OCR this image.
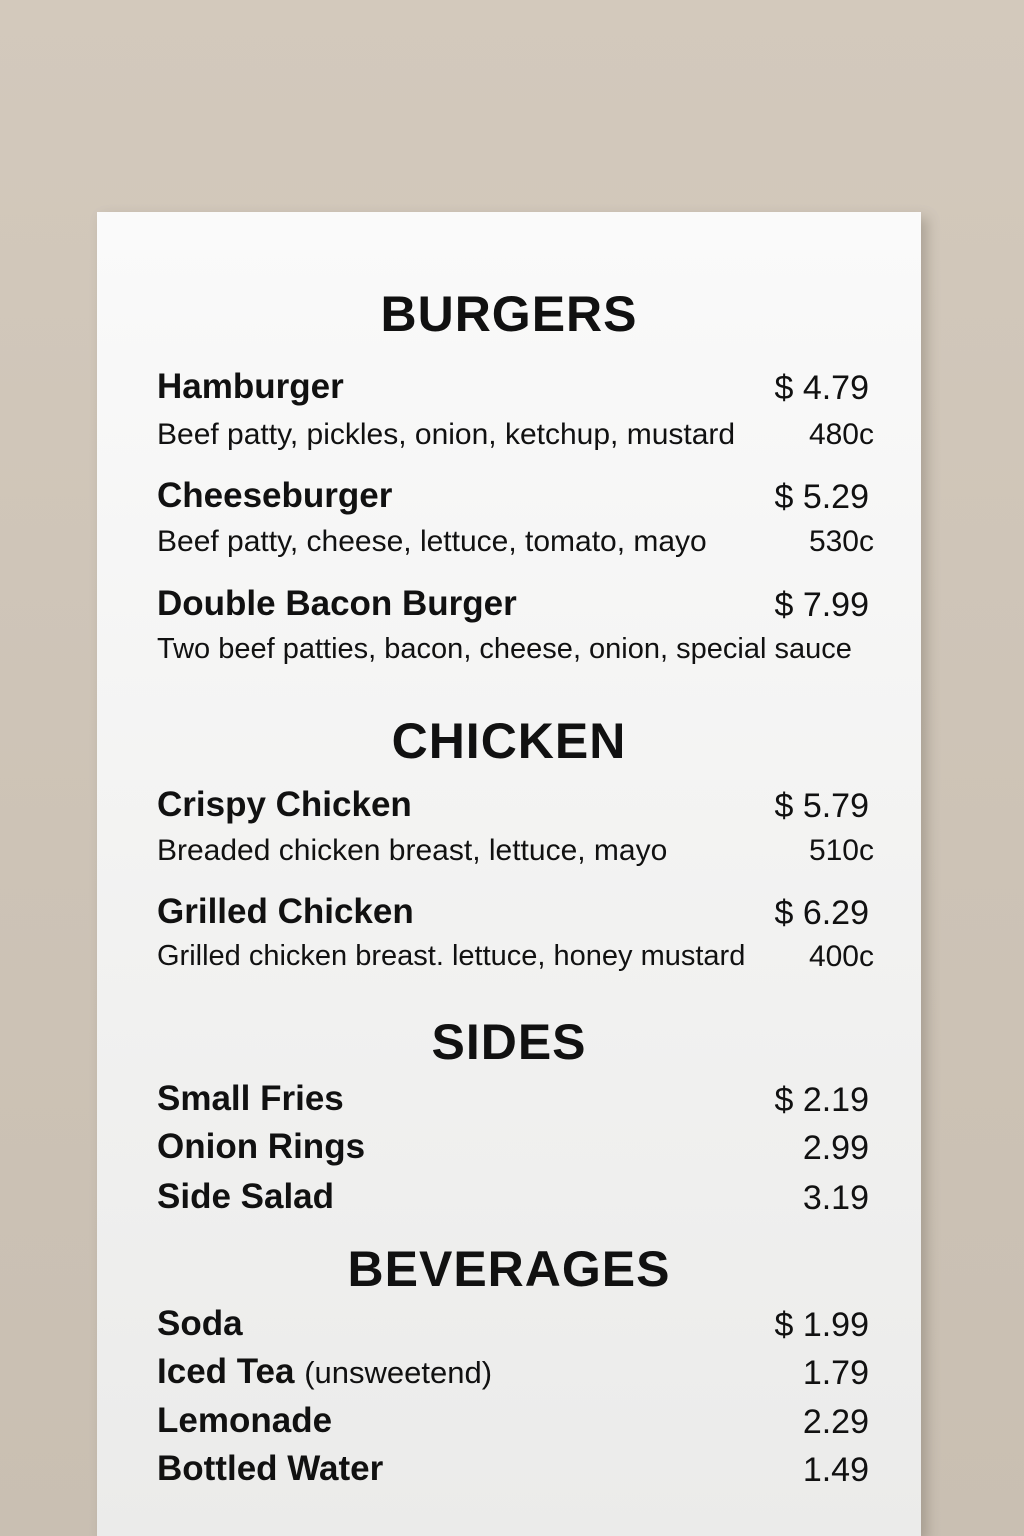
BURGERS
Hamburger	$ 4.79
Beef patty, pickles, onion, ketchup, mustard 480c
Cheeseburger	$ 5.29
Beef patty, cheese, lettuce, tomato, mayo	530c
Double Bacon Burger	$ 7.99
Two beef patties, bacon, cheese, onion, special sauce
CHICKEN
Crispy Chicken	$ 5.79
Breaded chicken breast, lettuce, mayo	510c
Grilled Chicken	$ 6.29
Grilled chicken breast. lettuce, honey mustard 400c
SIDES
Small Fries	$ 2.19
Onion Rings	2.99
Side Salad	3.19
BEVERAGES
Soda	$ 1.99
Iced Tea (unsweetend)	1.79
Lemonade	2.29
Bottled Water	1.49
